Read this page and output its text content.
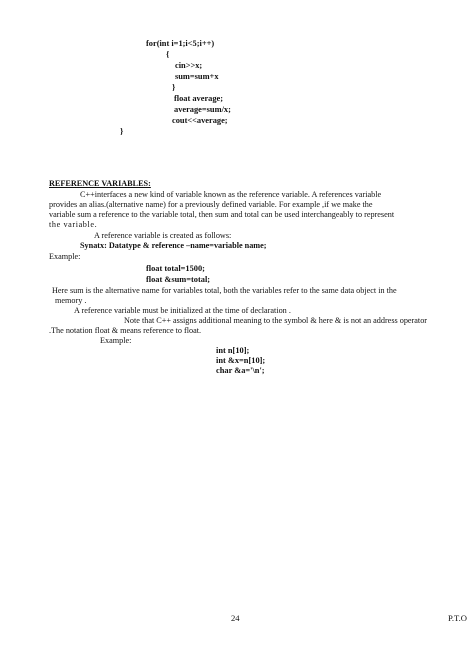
for(int i=1;i<5;i++)
{
cin>>x;
sum=sum+x
}
float average;
average=sum/x;
cout<<average;
}
REFERENCE VARIABLES:
C++interfaces a new kind of variable known as the reference variable. A references variable
provides an alias.(alternative name) for a previously defined variable. For example ,if we make the
variable sum a reference to the variable total, then sum and total can be used interchangeably to represent
the variable.
A reference variable is created as follows:
Synatx: Datatype & reference –name=variable name;
Example:
float total=1500;
float &sum=total;
Here sum is the alternative name for variables total, both the variables refer to the same data object in the
memory .
A reference variable must be initialized at the time of declaration .
Note that C++ assigns additional meaning to the symbol & here & is not an address operator
.The notation float & means reference to float.
Example:
int n[10];
int &x=n[10];
char &a='\n';
24	P.T.O
